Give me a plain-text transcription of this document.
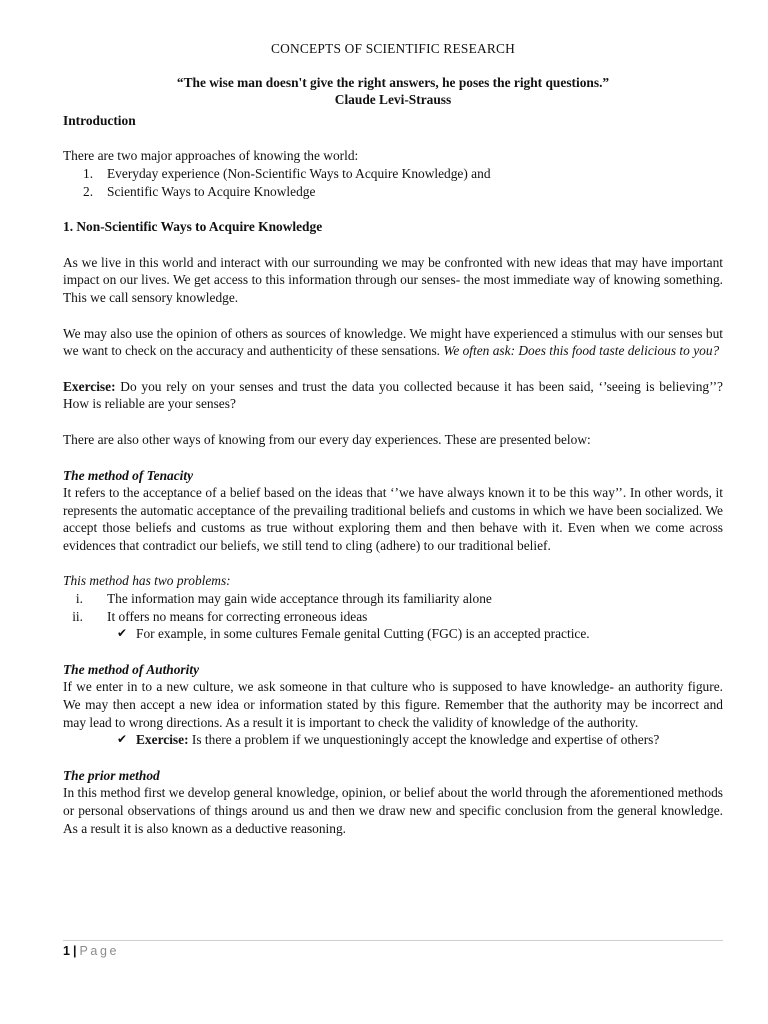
CONCEPTS OF SCIENTIFIC RESEARCH
“The wise man doesn't give the right answers, he poses the right questions.”
Claude Levi-Strauss
Introduction

There are two major approaches of knowing the world:

1.	Everyday experience (Non-Scientific Ways to Acquire Knowledge) and
2.	Scientific Ways to Acquire Knowledge
1. Non-Scientific Ways to Acquire Knowledge

As we live in this world and interact with our surrounding we may be confronted with new ideas that may have important impact on our lives. We get access to this information through our senses- the most immediate way of knowing something. This we call sensory knowledge.

We may also use the opinion of others as sources of knowledge. We might have experienced a stimulus with our senses but we want to check on the accuracy and authenticity of these sensations. We often ask: Does this food taste delicious to you?

Exercise: Do you rely on your senses and trust the data you collected because it has been said, ‘’seeing is believing’’? How is reliable are your senses?

There are also other ways of knowing from our every day experiences. These are presented below:

The method of Tenacity

It refers to the acceptance of a belief based on the ideas that ‘’we have always known it to be this way’’. In other words, it represents the automatic acceptance of the prevailing traditional beliefs and customs in which we have been socialized. We accept those beliefs and customs as true without exploring them and then behave with it. Even when we come across evidences that contradict our beliefs, we still tend to cling (adhere) to our traditional belief.

This method has two problems:

i. The information may gain wide acceptance through its familiarity alone
ii. It offers no means for correcting erroneous ideas
✔ For example, in some cultures Female genital Cutting (FGC) is an accepted practice.
The method of Authority

If we enter in to a new culture, we ask someone in that culture who is supposed to have knowledge- an authority figure. We may then accept a new idea or information stated by this figure. Remember that the authority may be incorrect and may lead to wrong directions. As a result it is important to check the validity of knowledge of the authority.

✔ Exercise: Is there a problem if we unquestioningly accept the knowledge and expertise of others?
The prior method

In this method first we develop general knowledge, opinion, or belief about the world through the aforementioned methods or personal observations of things around us and then we draw new and specific conclusion from the general knowledge. As a result it is also known as a deductive reasoning.

1 | Page
